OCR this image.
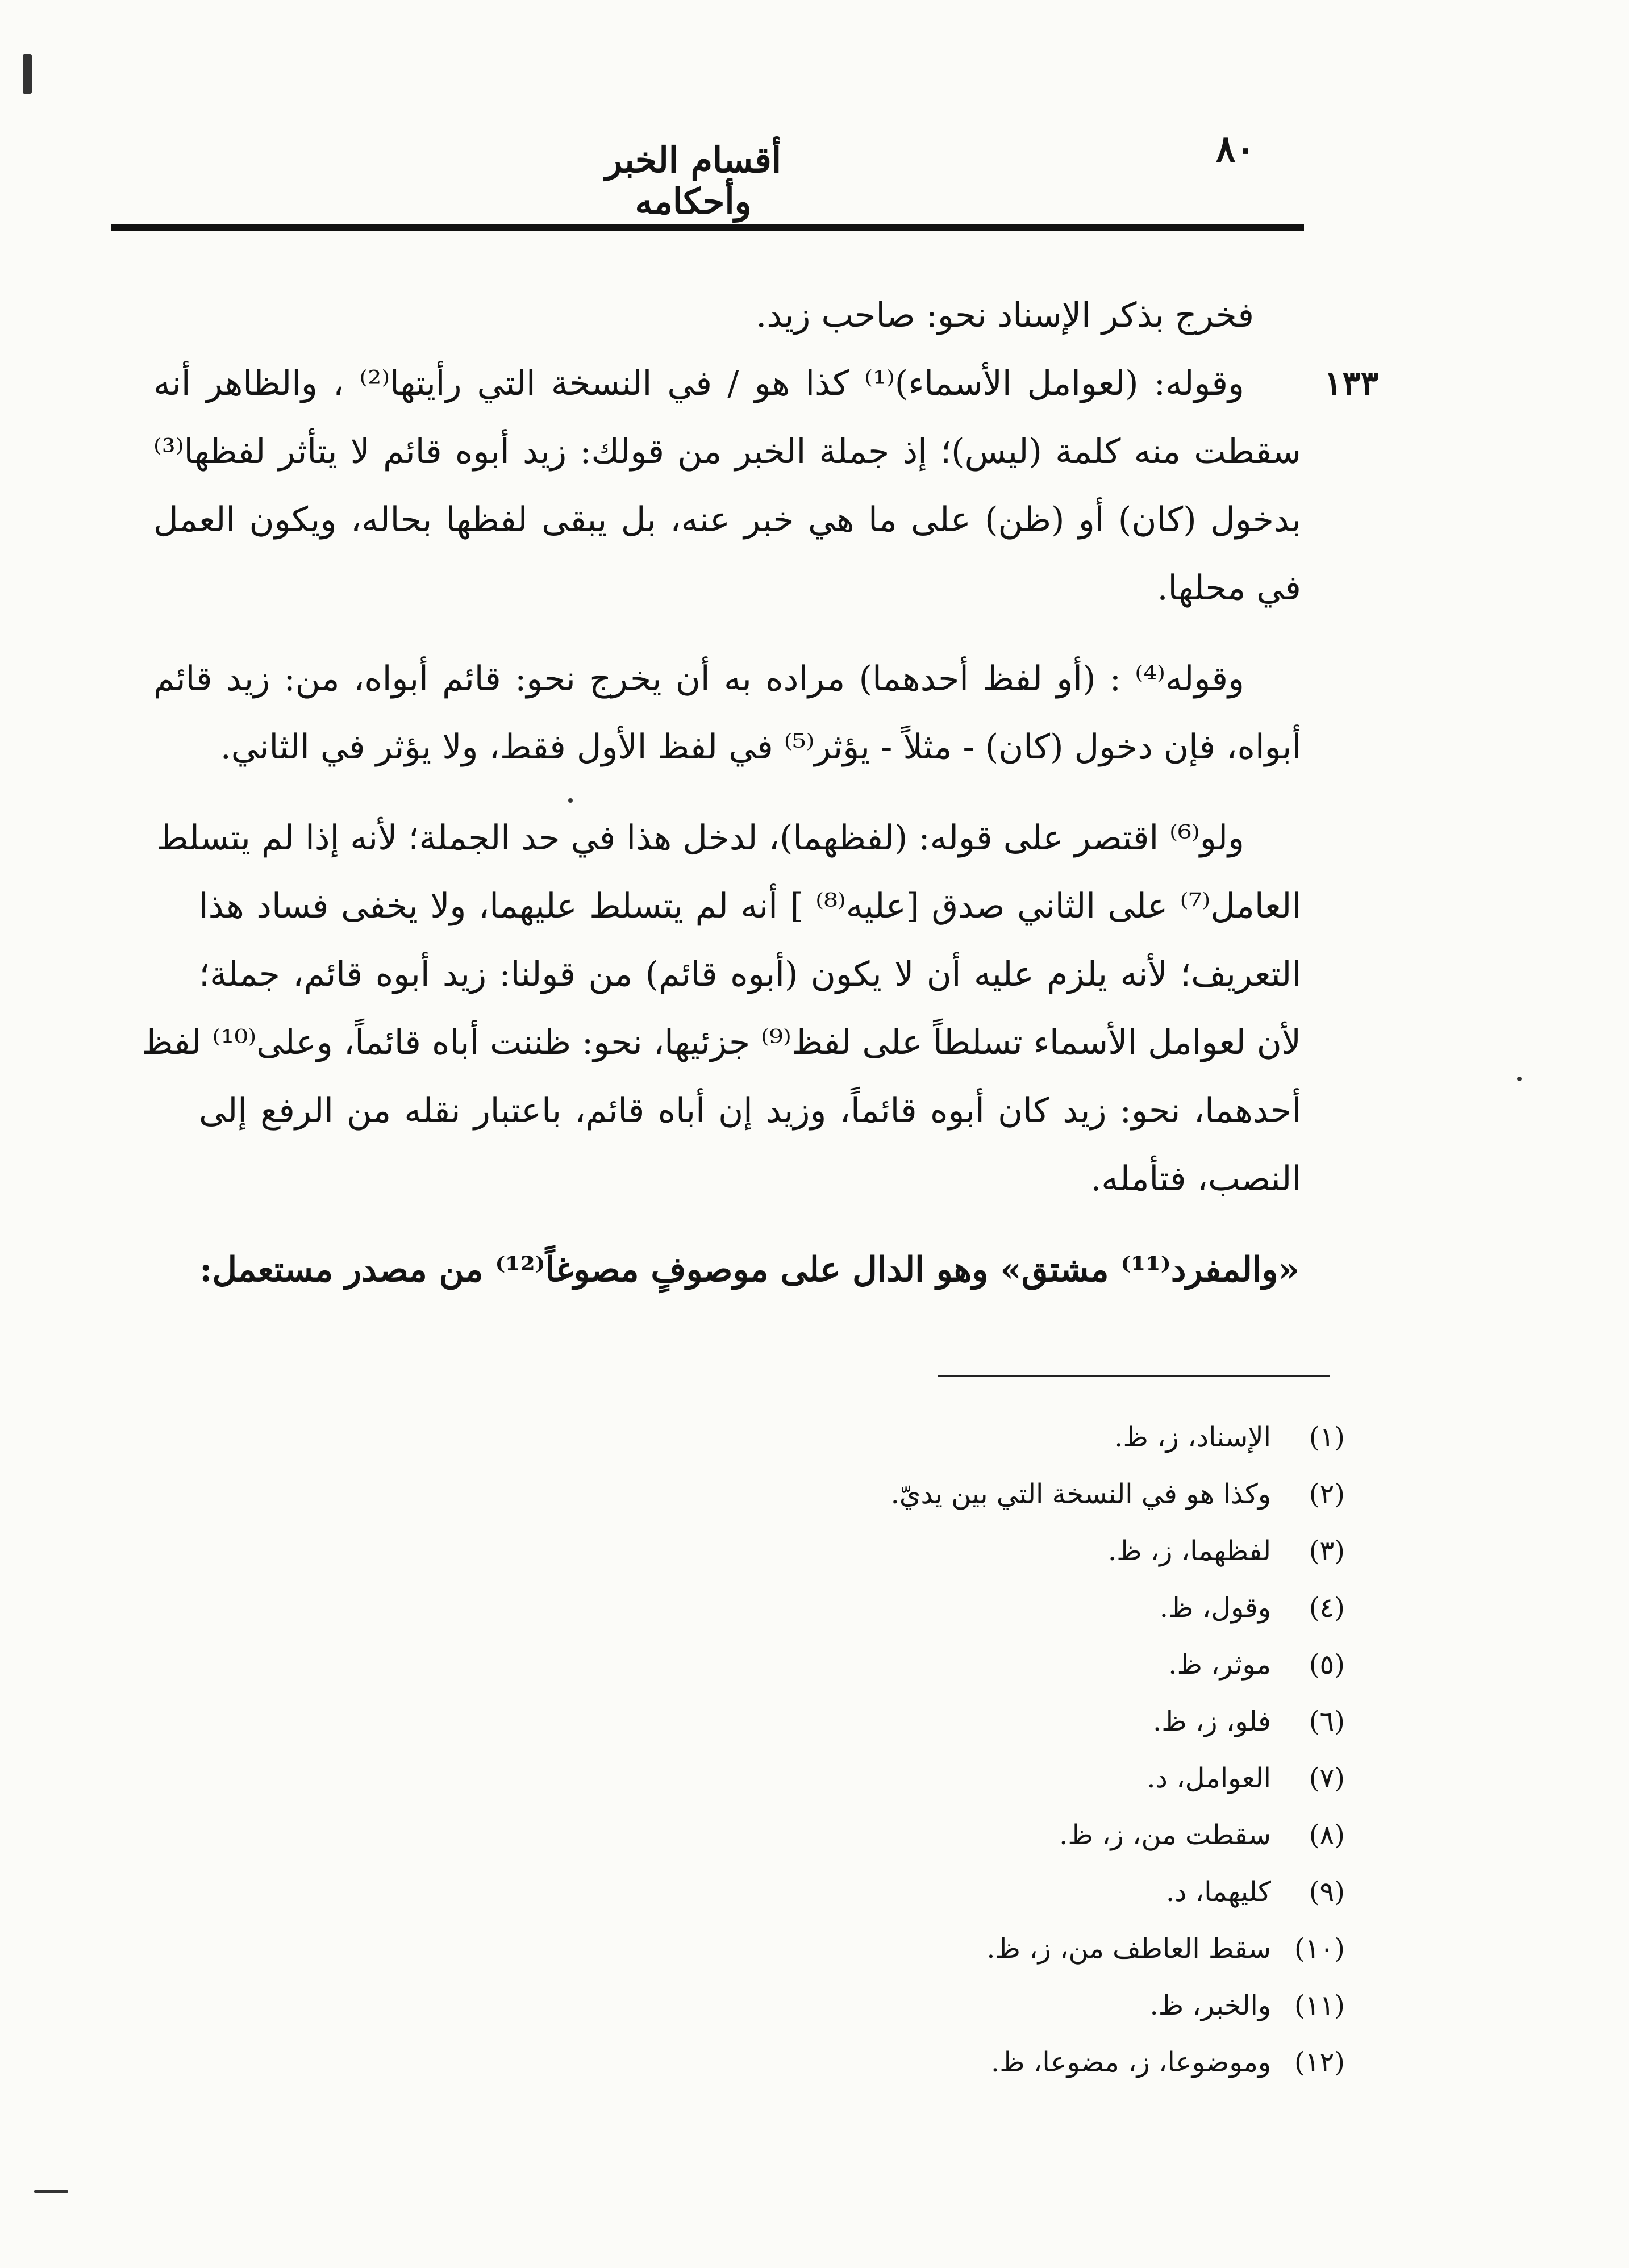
٨٠
أقسام الخبر وأحكامه
١٣٣
فخرج بذكر الإسناد نحو: صاحب زيد.
وقوله: (لعوامل الأسماء)⁽¹⁾ كذا هو / في النسخة التي رأيتها⁽²⁾ ، والظاهر أنه
سقطت منه كلمة (ليس)؛ إذ جملة الخبر من قولك: زيد أبوه قائم لا يتأثر لفظها⁽³⁾
بدخول (كان) أو (ظن) على ما هي خبر عنه، بل يبقى لفظها بحاله، ويكون العمل
في محلها.
وقوله⁽⁴⁾ : (أو لفظ أحدهما) مراده به أن يخرج نحو: قائم أبواه، من: زيد قائم
أبواه، فإن دخول (كان) - مثلاً - يؤثر⁽⁵⁾ في لفظ الأول فقط، ولا يؤثر في الثاني.
ولو⁽⁶⁾ اقتصر على قوله: (لفظهما)، لدخل هذا في حد الجملة؛ لأنه إذا لم يتسلط
العامل⁽⁷⁾ على الثاني صدق [عليه⁽⁸⁾ ] أنه لم يتسلط عليهما، ولا يخفى فساد هذا
التعريف؛ لأنه يلزم عليه أن لا يكون (أبوه قائم) من قولنا: زيد أبوه قائم، جملة؛
لأن لعوامل الأسماء تسلطاً على لفظ⁽⁹⁾ جزئيها، نحو: ظننت أباه قائماً، وعلى⁽¹⁰⁾ لفظ
أحدهما، نحو: زيد كان أبوه قائماً، وزيد إن أباه قائم، باعتبار نقله من الرفع إلى
النصب، فتأمله.
«والمفرد⁽¹¹⁾ مشتق» وهو الدال على موصوفٍ مصوغاً⁽¹²⁾ من مصدر مستعمل:
(١)الإسناد، ز، ظ.
(٢)وكذا هو في النسخة التي بين يديّ.
(٣)لفظهما، ز، ظ.
(٤)وقول، ظ.
(٥)موثر، ظ.
(٦)فلو، ز، ظ.
(٧)العوامل، د.
(٨)سقطت من، ز، ظ.
(٩)كليهما، د.
(١٠)سقط العاطف من، ز، ظ.
(١١)والخبر، ظ.
(١٢)وموضوعا، ز، مضوعا، ظ.
